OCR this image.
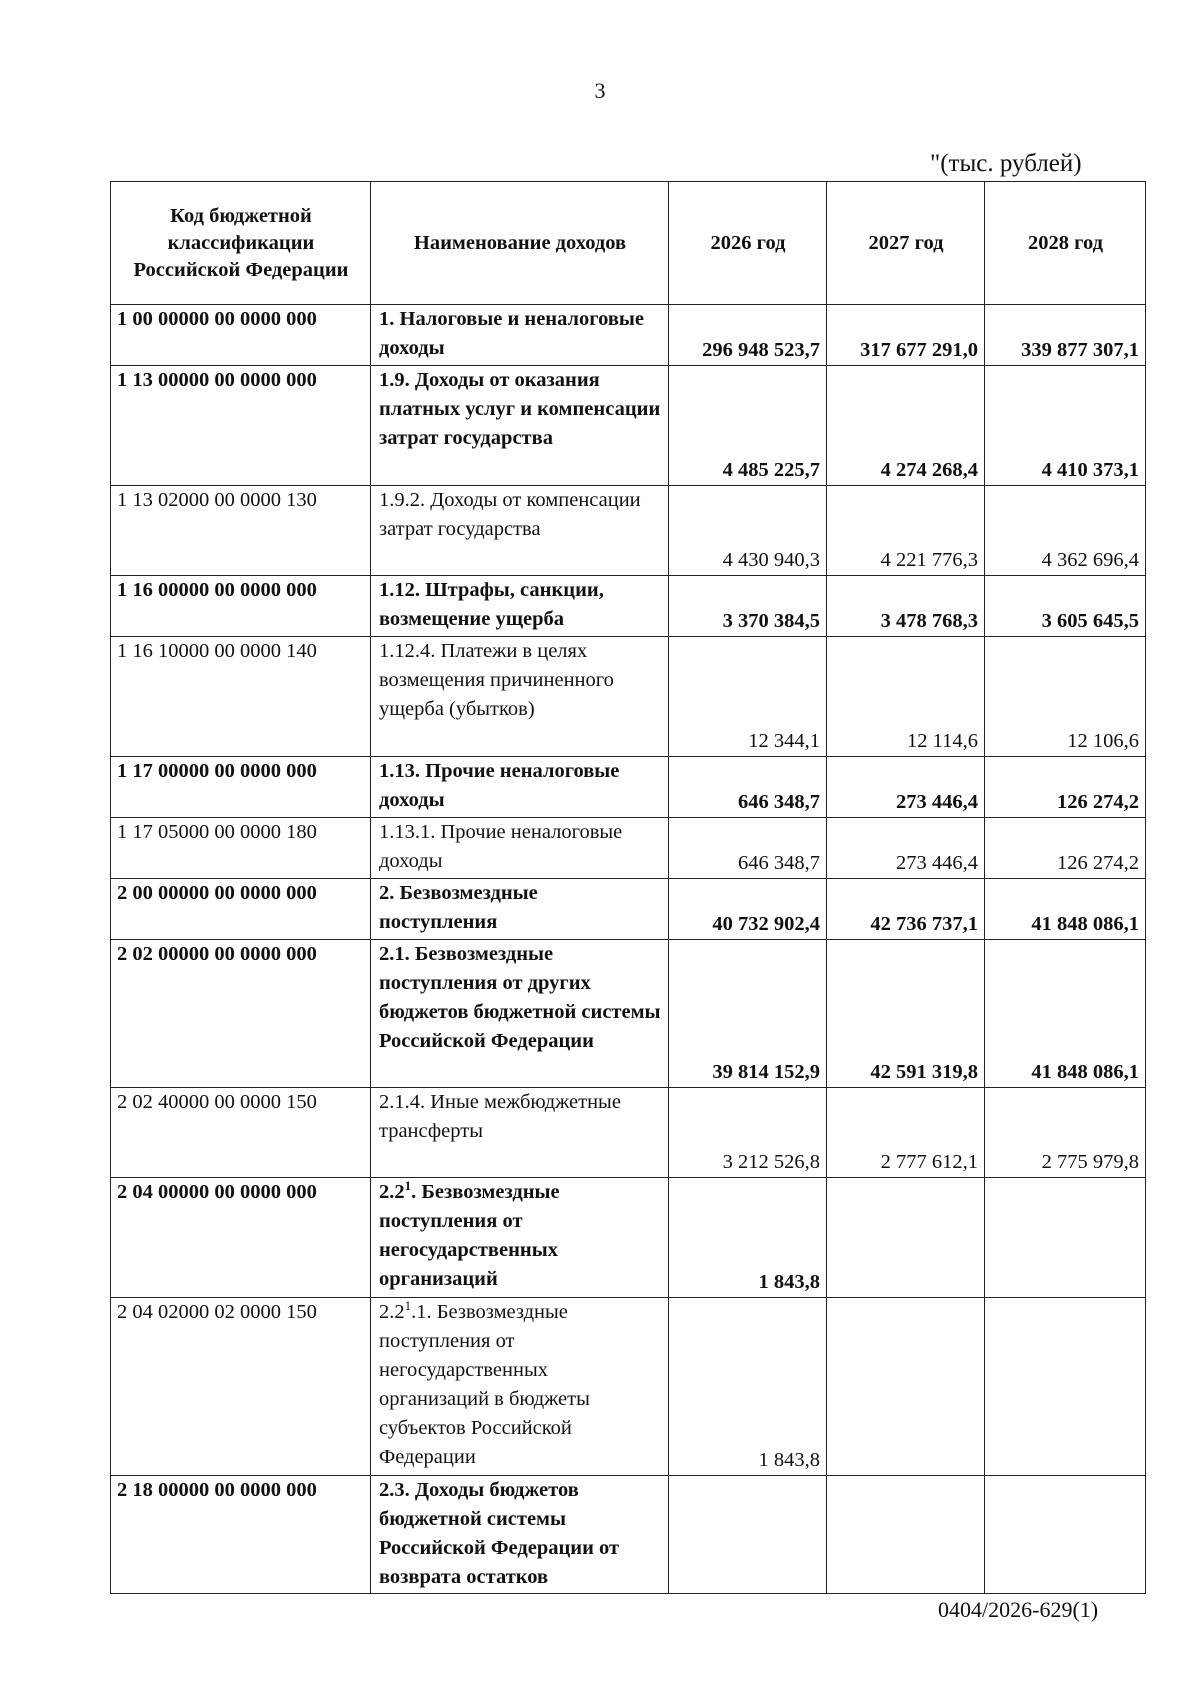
3
"(тыс. рублей)
Код бюджетной классификации Российской Федерации	Наименование доходов	2026 год	2027 год	2028 год
1 00 00000 00 0000 000	1. Налоговые и неналоговые доходы	296 948 523,7	317 677 291,0	339 877 307,1
1 13 00000 00 0000 000	1.9. Доходы от оказания платных услуг и компенсации затрат государства	4 485 225,7	4 274 268,4	4 410 373,1
1 13 02000 00 0000 130	1.9.2. Доходы от компенсации затрат государства	4 430 940,3	4 221 776,3	4 362 696,4
1 16 00000 00 0000 000	1.12. Штрафы, санкции, возмещение ущерба	3 370 384,5	3 478 768,3	3 605 645,5
1 16 10000 00 0000 140	1.12.4. Платежи в целях возмещения причиненного ущерба (убытков)	12 344,1	12 114,6	12 106,6
1 17 00000 00 0000 000	1.13. Прочие неналоговые доходы	646 348,7	273 446,4	126 274,2
1 17 05000 00 0000 180	1.13.1. Прочие неналоговые доходы	646 348,7	273 446,4	126 274,2
2 00 00000 00 0000 000	2. Безвозмездные поступления	40 732 902,4	42 736 737,1	41 848 086,1
2 02 00000 00 0000 000	2.1. Безвозмездные поступления от других бюджетов бюджетной системы Российской Федерации	39 814 152,9	42 591 319,8	41 848 086,1
2 02 40000 00 0000 150	2.1.4. Иные межбюджетные трансферты	3 212 526,8	2 777 612,1	2 775 979,8
2 04 00000 00 0000 000	$2.2^1$. Безвозмездные поступления от негосударственных организаций	1 843,8		
2 04 02000 02 0000 150	$2.2^1.1$. Безвозмездные поступления от негосударственных организаций в бюджеты субъектов Российской Федерации	1 843,8		
2 18 00000 00 0000 000	2.3. Доходы бюджетов бюджетной системы Российской Федерации от возврата остатков			
0404/2026-629(1)
